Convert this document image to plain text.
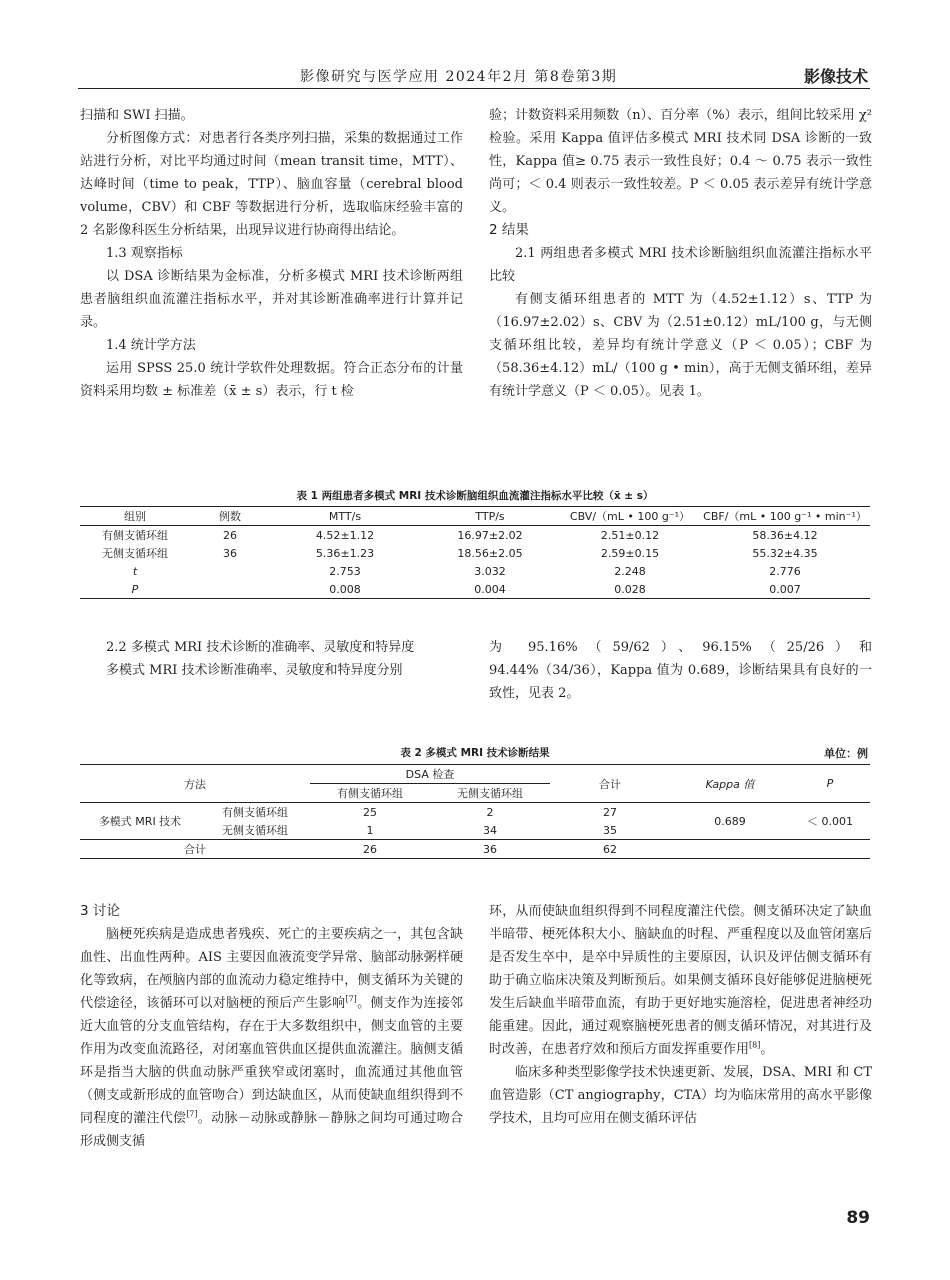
影像研究与医学应用 2024年2月 第8卷第3期	影像技术

扫描和 SWI 扫描。

分析图像方式：对患者行各类序列扫描，采集的数据通过工作站进行分析，对比平均通过时间（mean transit time，MTT）、达峰时间（time to peak，TTP）、脑血容量（cerebral blood volume，CBV）和 CBF 等数据进行分析，选取临床经验丰富的 2 名影像科医生分析结果，出现异议进行协商得出结论。

1.3 观察指标

以 DSA 诊断结果为金标准，分析多模式 MRI 技术诊断两组患者脑组织血流灌注指标水平，并对其诊断准确率进行计算并记录。

1.4 统计学方法

运用 SPSS 25.0 统计学软件处理数据。符合正态分布的计量资料采用均数 ± 标准差（x̄ ± s）表示，行 t 检

验；计数资料采用频数（n）、百分率（%）表示，组间比较采用 χ² 检验。采用 Kappa 值评估多模式 MRI 技术同 DSA 诊断的一致性，Kappa 值≥ 0.75 表示一致性良好；0.4 ～ 0.75 表示一致性尚可；＜ 0.4 则表示一致性较差。P ＜ 0.05 表示差异有统计学意义。

2 结果

2.1 两组患者多模式 MRI 技术诊断脑组织血流灌注指标水平比较

有侧支循环组患者的 MTT 为（4.52±1.12）s、TTP 为（16.97±2.02）s、CBV 为（2.51±0.12）mL/100 g，与无侧支循环组比较，差异均有统计学意义（P ＜ 0.05）；CBF 为（58.36±4.12）mL/（100 g • min），高于无侧支循环组，差异有统计学意义（P ＜ 0.05）。见表 1。

表 1 两组患者多模式 MRI 技术诊断脑组织血流灌注指标水平比较（x̄ ± s）
组别	例数	MTT/s	TTP/s	CBV/（mL • 100 g⁻¹）	CBF/（mL • 100 g⁻¹ • min⁻¹）
有侧支循环组	26	4.52±1.12	16.97±2.02	2.51±0.12	58.36±4.12
无侧支循环组	36	5.36±1.23	18.56±2.05	2.59±0.15	55.32±4.35
t		2.753	3.032	2.248	2.776
P		0.008	0.004	0.028	0.007

2.2 多模式 MRI 技术诊断的准确率、灵敏度和特异度

多模式 MRI 技术诊断准确率、灵敏度和特异度分别

为 95.16%（59/62）、96.15%（25/26）和 94.44%（34/36），Kappa 值为 0.689，诊断结果具有良好的一致性，见表 2。

表 2 多模式 MRI 技术诊断结果	单位：例
方法		DSA 检查		合计	Kappa 值	P
		有侧支循环组	无侧支循环组			
多模式 MRI 技术	有侧支循环组	25	2	27	0.689	＜ 0.001
	无侧支循环组	1	34	35		
合计		26	36	62		

3 讨论

脑梗死疾病是造成患者残疾、死亡的主要疾病之一，其包含缺血性、出血性两种。AIS 主要因血液流变学异常、脑部动脉粥样硬化等致病，在颅脑内部的血流动力稳定维持中，侧支循环为关键的代偿途径，该循环可以对脑梗的预后产生影响[7]。侧支作为连接邻近大血管的分支血管结构，存在于大多数组织中，侧支血管的主要作用为改变血流路径，对闭塞血管供血区提供血流灌注。脑侧支循环是指当大脑的供血动脉严重狭窄或闭塞时，血流通过其他血管（侧支或新形成的血管吻合）到达缺血区，从而使缺血组织得到不同程度的灌注代偿[7]。动脉－动脉或静脉－静脉之间均可通过吻合形成侧支循

环，从而使缺血组织得到不同程度灌注代偿。侧支循环决定了缺血半暗带、梗死体积大小、脑缺血的时程、严重程度以及血管闭塞后是否发生卒中，是卒中异质性的主要原因，认识及评估侧支循环有助于确立临床决策及判断预后。如果侧支循环良好能够促进脑梗死发生后缺血半暗带血流，有助于更好地实施溶栓，促进患者神经功能重建。因此，通过观察脑梗死患者的侧支循环情况，对其进行及时改善，在患者疗效和预后方面发挥重要作用[8]。

临床多种类型影像学技术快速更新、发展，DSA、MRI 和 CT 血管造影（CT angiography，CTA）均为临床常用的高水平影像学技术，且均可应用在侧支循环评估

89
